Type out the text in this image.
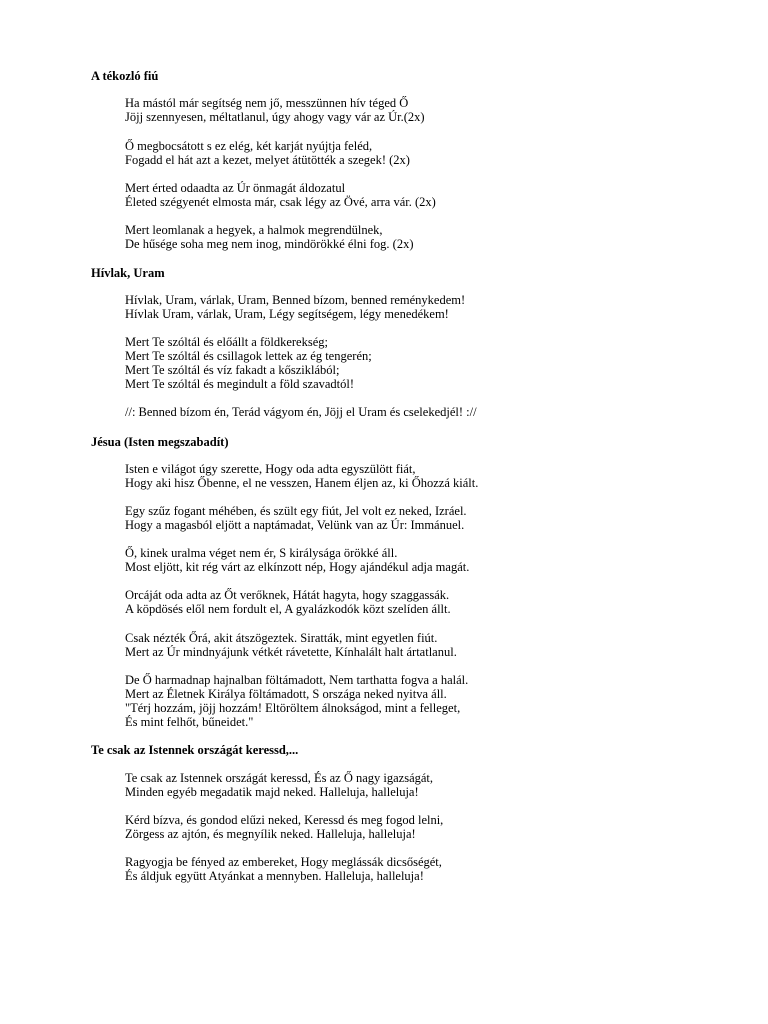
A tékozló fiú
Ha mástól már segítség nem jő, messzünnen hív téged Ő
Jöjj szennyesen, méltatlanul, úgy ahogy vagy vár az Úr.(2x)
Ő megbocsátott s ez elég, két karját nyújtja feléd,
Fogadd el hát azt a kezet, melyet átütötték a szegek! (2x)
Mert érted odaadta az Úr önmagát áldozatul
Életed szégyenét elmosta már, csak légy az Övé, arra vár. (2x)
Mert leomlanak a hegyek, a halmok megrendülnek,
De hűsége soha meg nem inog, mindörökké élni fog. (2x)
Hívlak, Uram
Hívlak, Uram, várlak, Uram, Benned bízom, benned reménykedem!
Hívlak Uram, várlak, Uram, Légy segítségem, légy menedékem!
Mert Te szóltál és előállt a földkerekség;
Mert Te szóltál és csillagok lettek az ég tengerén;
Mert Te szóltál és víz fakadt a kősziklából;
Mert Te szóltál és megindult a föld szavadtól!
//: Benned bízom én, Terád vágyom én, Jöjj el Uram és cselekedjél! ://
Jésua (Isten megszabadít)
Isten e világot úgy szerette, Hogy oda adta egyszülött fiát,
Hogy aki hisz Őbenne, el ne vesszen, Hanem éljen az, ki Őhozzá kiált.
Egy szűz fogant méhében, és szült egy fiút, Jel volt ez neked, Izráel.
Hogy a magasból eljött a naptámadat, Velünk van az Úr: Immánuel.
Ő, kinek uralma véget nem ér, S királysága örökké áll.
Most eljött, kit rég várt az elkínzott nép, Hogy ajándékul adja magát.
Orcáját oda adta az Őt verőknek, Hátát hagyta, hogy szaggassák.
A köpdösés elől nem fordult el, A gyalázkodók közt szelíden állt.
Csak nézték Őrá, akit átszögeztek. Siratták, mint egyetlen fiút.
Mert az Úr mindnyájunk vétkét rávetette, Kínhalált halt ártatlanul.
De Ő harmadnap hajnalban föltámadott, Nem tarthatta fogva a halál.
Mert az Életnek Királya föltámadott, S országa neked nyitva áll.
"Térj hozzám, jöjj hozzám! Eltöröltem álnokságod, mint a felleget,
És mint felhőt, bűneidet."
Te csak az Istennek országát keressd,...
Te csak az Istennek országát keressd, És az Ő nagy igazságát,
Minden egyéb megadatik majd neked. Halleluja, halleluja!
Kérd bízva, és gondod elűzi neked, Keressd és meg fogod lelni,
Zörgess az ajtón, és megnyílik neked. Halleluja, halleluja!
Ragyogja be fényed az embereket, Hogy meglássák dicsőségét,
És áldjuk együtt Atyánkat a mennyben. Halleluja, halleluja!
